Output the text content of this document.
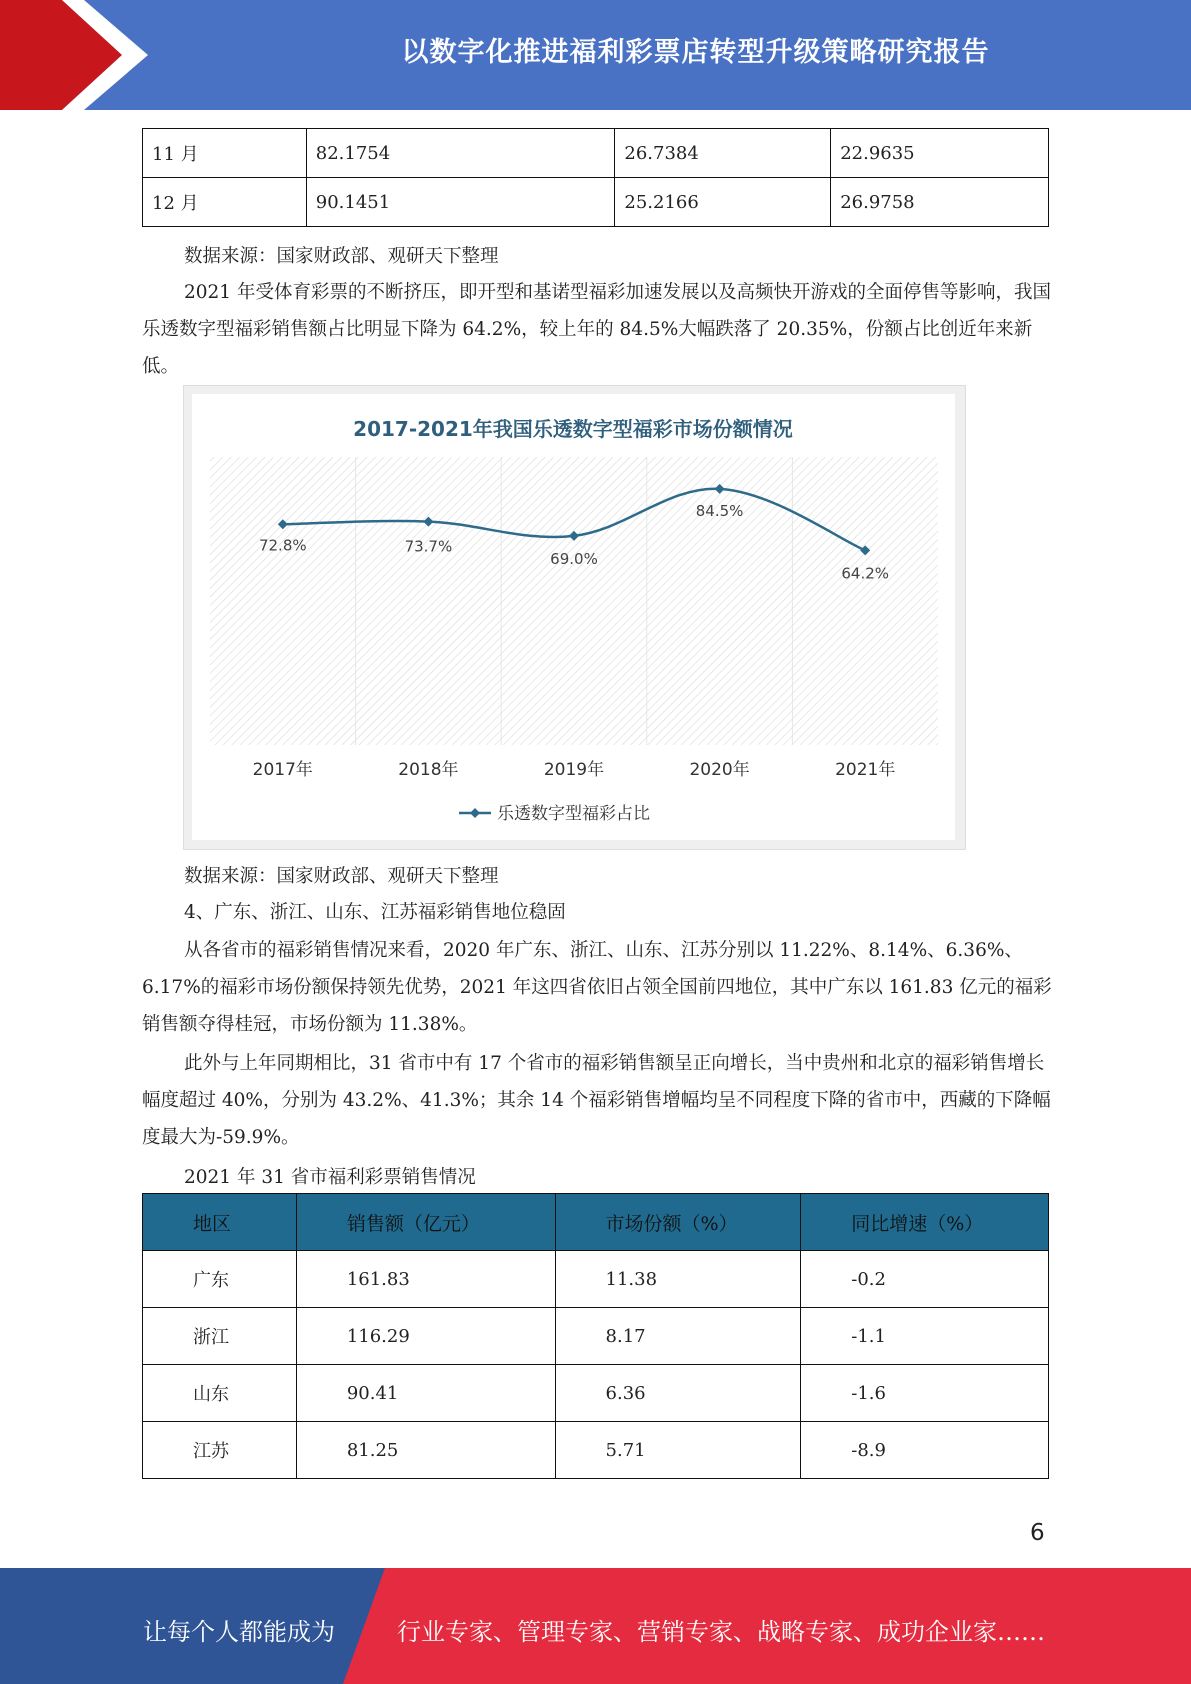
以数字化推进福利彩票店转型升级策略研究报告
11 月	82.1754	26.7384	22.9635
12 月	90.1451	25.2166	26.9758
数据来源：国家财政部、观研天下整理
2021 年受体育彩票的不断挤压，即开型和基诺型福彩加速发展以及高频快开游戏的全面停售等影响，我国乐透数字型福彩销售额占比明显下降为 64.2%，较上年的 84.5%大幅跌落了 20.35%，份额占比创近年来新低。
2017-2021年我国乐透数字型福彩市场份额情况
72.8%
2017年
73.7%
2018年
69.0%
2019年
84.5%
2020年
64.2%
2021年
乐透数字型福彩占比
数据来源：国家财政部、观研天下整理
4、广东、浙江、山东、江苏福彩销售地位稳固
从各省市的福彩销售情况来看，2020 年广东、浙江、山东、江苏分别以 11.22%、8.14%、6.36%、6.17%的福彩市场份额保持领先优势，2021 年这四省依旧占领全国前四地位，其中广东以 161.83 亿元的福彩销售额夺得桂冠，市场份额为 11.38%。
此外与上年同期相比，31 省市中有 17 个省市的福彩销售额呈正向增长，当中贵州和北京的福彩销售增长幅度超过 40%，分别为 43.2%、41.3%；其余 14 个福彩销售增幅均呈不同程度下降的省市中，西藏的下降幅度最大为-59.9%。
2021 年 31 省市福利彩票销售情况
地区	销售额（亿元）	市场份额（%）	同比增速（%）
广东	161.83	11.38	-0.2
浙江	116.29	8.17	-1.1
山东	90.41	6.36	-1.6
江苏	81.25	5.71	-8.9
6
让每个人都能成为	行业专家、管理专家、营销专家、战略专家、成功企业家……
